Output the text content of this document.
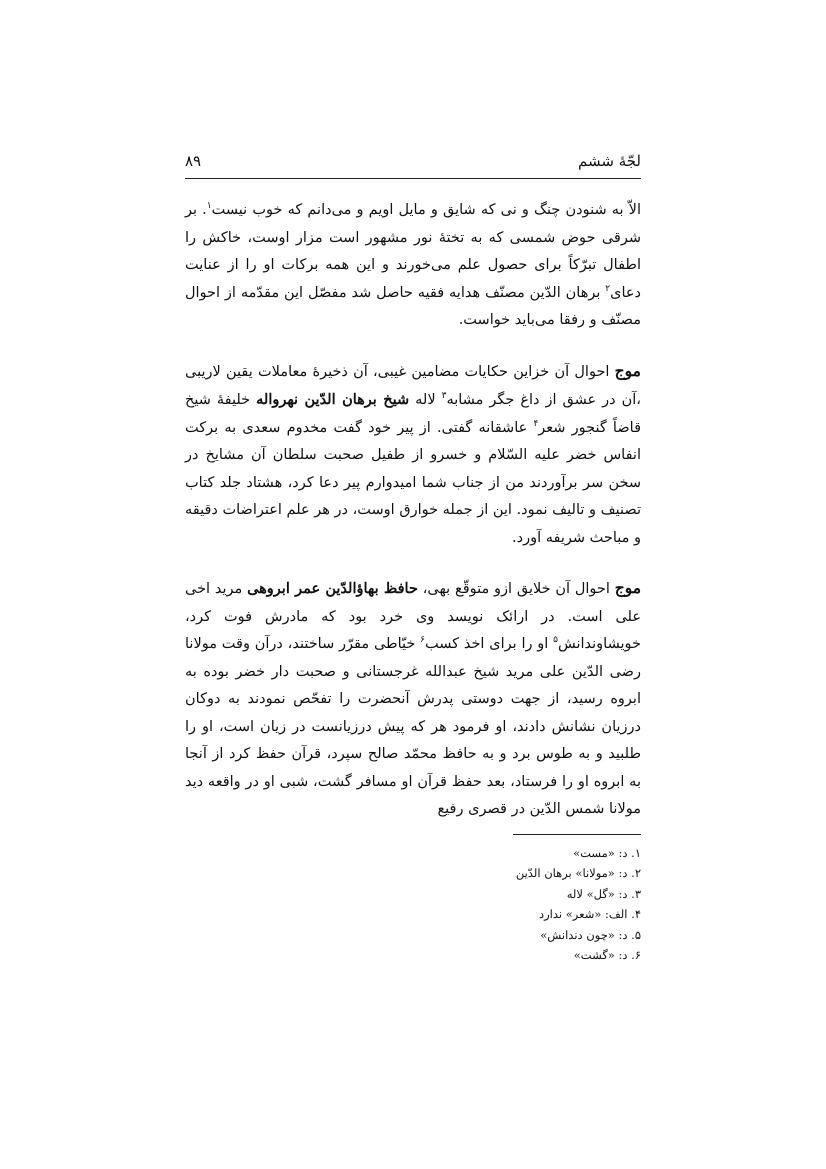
لجّهٔ ششم
۸۹

الاّ به شنودن چنگ و نی که شایق و مایل اویم و می‌دانم که خوب نیست$^۱$. بر شرقی حوض شمسی که به تختهٔ نور مشهور است مزار اوست، خاکش را اطفال تبرّکاً برای حصول علم می‌خورند و این همه برکات او را از عنایت دعای$^۲$ برهان الدّین مصنّف هدایه فقیه حاصل شد مفصّل این مقدّمه از احوال مصنّف و رفقا می‌باید خواست.

موج احوال آن خزاین حکایات مضامین غیبی، آن ذخیرهٔ معاملات یقین لاریبی ،آن در عشق از داغ جگر مشابه$^۳$ لاله شیخ برهان الدّین نهرواله خلیفهٔ شیخ قاضاً گنجور شعر$^۴$ عاشقانه گفتی. از پیر خود گفت مخدوم سعدی به برکت انفاس خضر علیه السّلام و خسرو از طفیل صحبت سلطان آن مشایخ در سخن سر برآوردند من از جناب شما امیدوارم پیر دعا کرد، هشتاد جلد کتاب تصنیف و تالیف نمود. این از جمله خوارق اوست، در هر علم اعتراضات دقیقه و مباحث شریفه آورد.

موج احوال آن خلایق ازو متوقّع بهی، حافظ بهاؤالدّین عمر ابروهی مرید اخی علی است. در ارائک نویسد وی خرد بود که مادرش فوت کرد، خویشاوندانش$^۵$ او را برای اخذ کسب$^۶$ خیّاطی مقرّر ساختند، درآن وقت مولانا رضی الدّین علی مرید شیخ عبدالله غرجستانی و صحبت دار خضر بوده به ابروه رسید، از جهت دوستی پدرش آنحضرت را تفحّص نمودند به دوکان درزیان نشانش دادند، او فرمود هر که پیش درزیانست در زیان است، او را طلبید و به طوس برد و به حافظ محمّد صالح سپرد، قرآن حفظ کرد از آنجا به ابروه او را فرستاد، بعد حفظ قرآن او مسافر گشت، شبی او در واقعه دید مولانا شمس الدّین در قصری رفیع

۱. د: «مست»
۲. د: «مولانا» برهان الدّین
۳. د: «گل» لاله
۴. الف: «شعر» ندارد
۵. د: «چون دندانش»
۶. د: «گشت»
